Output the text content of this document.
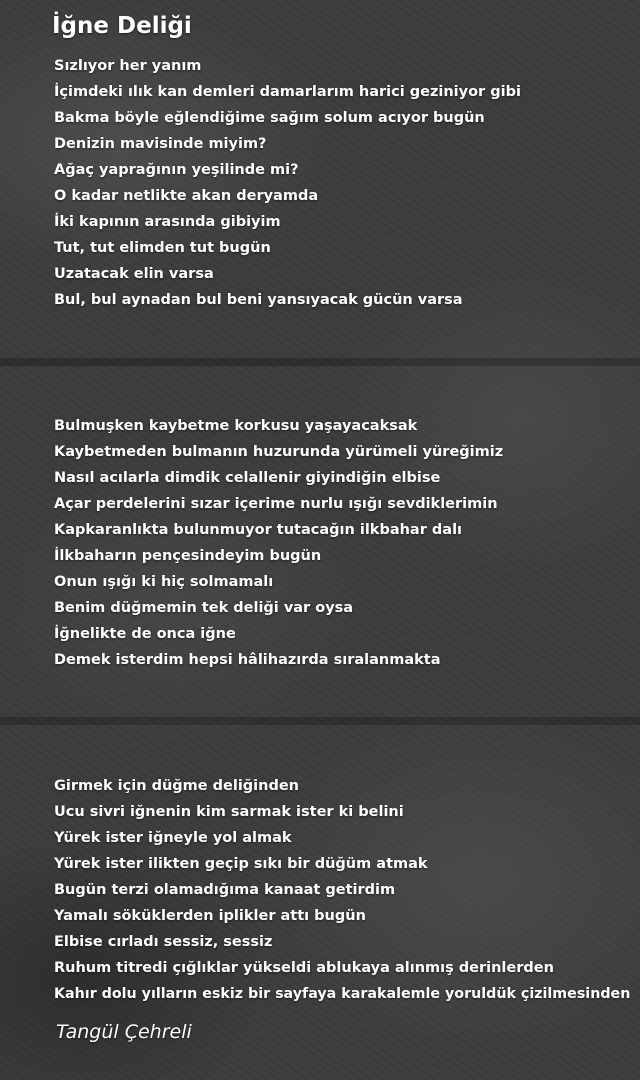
İğne Deliği
Sızlıyor her yanım
İçimdeki ılık kan demleri damarlarım harici geziniyor gibi
Bakma böyle eğlendiğime sağım solum acıyor bugün
Denizin mavisinde miyim?
Ağaç yaprağının yeşilinde mi?
O kadar netlikte akan deryamda
İki kapının arasında gibiyim
Tut, tut elimden tut bugün
Uzatacak elin varsa
Bul, bul aynadan bul beni yansıyacak gücün varsa
Bulmuşken kaybetme korkusu yaşayacaksak
Kaybetmeden bulmanın huzurunda yürümeli yüreğimiz
Nasıl acılarla dimdik celallenir giyindiğin elbise
Açar perdelerini sızar içerime nurlu ışığı sevdiklerimin
Kapkaranlıkta bulunmuyor tutacağın ilkbahar dalı
İlkbaharın pençesindeyim bugün
Onun ışığı ki hiç solmamalı
Benim düğmemin tek deliği var oysa
İğnelikte de onca iğne
Demek isterdim hepsi hâlihazırda sıralanmakta
Girmek için düğme deliğinden
Ucu sivri iğnenin kim sarmak ister ki belini
Yürek ister iğneyle yol almak
Yürek ister ilikten geçip sıkı bir düğüm atmak
Bugün terzi olamadığıma kanaat getirdim
Yamalı söküklerden iplikler attı bugün
Elbise cırladı sessiz, sessiz
Ruhum titredi çığlıklar yükseldi ablukaya alınmış derinlerden
Kahır dolu yılların eskiz bir sayfaya karakalemle yoruldük çizilmesinden
Tangül Çehreli
